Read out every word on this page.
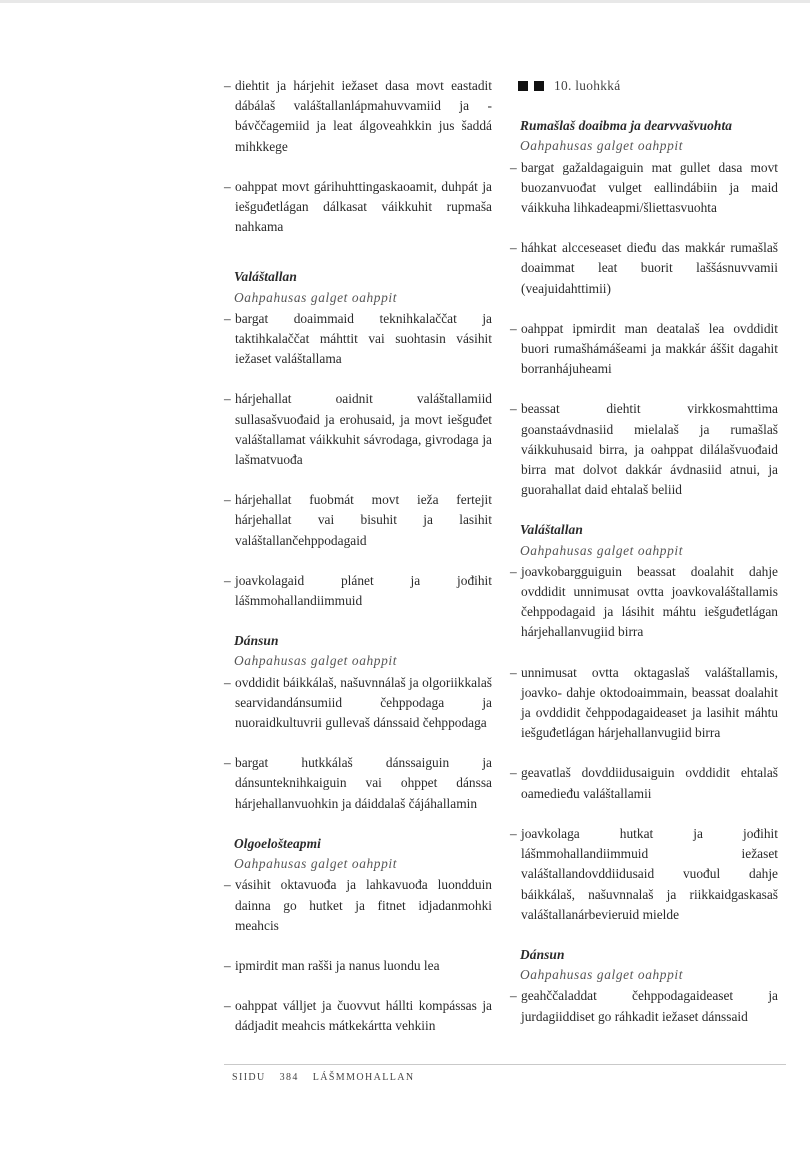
– diehtit ja hárjehit iežaset dasa movt eastadit dábálaš valáštallanlápmahuvvamiid ja -bávččagemiid ja leat álgoveahkkin jus šaddá mihkkege
– oahppat movt gárihuhttingaskaoamit, duhpát ja iešguđetlágan dálkasat váikkuhit rupmaša nahkama

Valáštallan

Oahpahusas galget oahppit

– bargat doaimmaid teknihkalaččat ja taktihkalaččat máhttit vai suohtasin vásihit iežaset valáštallama
– hárjehallat oaidnit valáštallamiid sullasašvuođaid ja erohusaid, ja movt iešguđet valáštallamat váikkuhit sávrodaga, givrodaga ja lašmatvuođa
– hárjehallat fuobmát movt ieža fertejit hárjehallat vai bisuhit ja lasihit valáštallančehppodagaid
– joavkolagaid plánet ja jođihit lášmmohallandiimmuid

Dánsun

Oahpahusas galget oahppit

– ovddidit báikkálaš, našuvnnálaš ja olgoriikkalaš searvidandánsumiid čehppodaga ja nuoraidkultuvrii gullevaš dánssaid čehppodaga
– bargat hutkkálaš dánssaiguin ja dánsunteknihkaiguin vai ohppet dánssa hárjehallanvuohkin ja dáiddalaš čájáhallamin

Olgoelošteapmi

Oahpahusas galget oahppit

– vásihit oktavuođa ja lahkavuođa luondduin dainna go hutket ja fitnet idjadanmohki meahcis
– ipmirdit man rašši ja nanus luondu lea
– oahppat válljet ja čuovvut hállti kompássas ja dádjadit meahcis mátkekártta vehkiin
10. luohkká

Rumašlaš doaibma ja dearvvašvuohta

Oahpahusas galget oahppit

– bargat gažaldagaiguin mat gullet dasa movt buozanvuođat vulget eallindábiin ja maid váikkuha lihkadeapmi/šliettasvuohta
– háhkat alcceseaset dieđu das makkár rumašlaš doaimmat leat buorit laššásnuvvamii (veajuidahttimii)
– oahppat ipmirdit man deatalaš lea ovddidit buori rumašhámášeami ja makkár áššit dagahit borranhájuheami
– beassat diehtit virkkosmahttima goanstaávdnasiid mielalaš ja rumašlaš váikkuhusaid birra, ja oahppat dilálašvuođaid birra mat dolvot dakkár ávdnasiid atnui, ja guorahallat daid ehtalaš beliid

Valáštallan

Oahpahusas galget oahppit

– joavkobargguiguin beassat doalahit dahje ovddidit unnimusat ovtta joavkovaláštallamis čehppodagaid ja lásihit máhtu iešguđetlágan hárjehallanvugiid birra
– unnimusat ovtta oktagaslaš valáštallamis, joavko- dahje oktodoaimmain, beassat doalahit ja ovddidit čehppodagaideaset ja lasihit máhtu iešguđetlágan hárjehallanvugiid birra
– geavatlaš dovddiidusaiguin ovddidit ehtalaš oamedieđu valáštallamii
– joavkolaga hutkat ja jođihit lášmmohallandiimmuid iežaset valáštallandovddiidusaid vuođul dahje báikkálaš, našuvnnalaš ja riikkaidgaskasaš valáštallanárbevieruid mielde

Dánsun

Oahpahusas galget oahppit

– geahččaladdat čehppodagaideaset ja jurdagiiddiset go ráhkadit iežaset dánssaid
SIIDU 384 LÁŠMMOHALLAN
